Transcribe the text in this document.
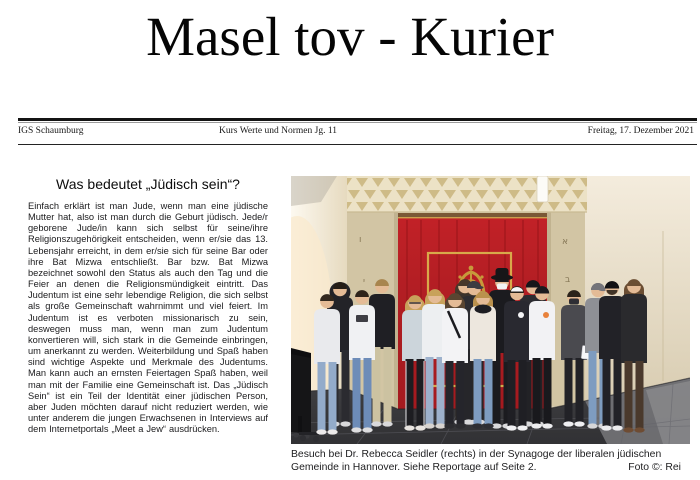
Masel tov - Kurier
IGS Schaumburg	Kurs Werte und Normen Jg. 11	Freitag, 17. Dezember 2021
Was bedeutet „Jüdisch sein“?
Einfach erklärt ist man Jude, wenn man eine jüdische Mutter hat, also ist man durch die Geburt jüdisch. Jede/r geborene Jude/in kann sich selbst für seine/ihre Religionszugehörigkeit entscheiden, wenn er/sie das 13. Lebensjahr erreicht, in dem er/sie sich für seine Bar oder ihre Bat Mizwa entschließt. Bar bzw. Bat Mizwa bezeichnet sowohl den Status als auch den Tag und die Feier an denen die Religionsmündigkeit eintritt. Das Judentum ist eine sehr lebendige Religion, die sich selbst als große Gemeinschaft wahrnimmt und viel feiert. Im Judentum ist es verboten missionarisch zu sein, deswegen muss man, wenn man zum Judentum konvertieren will, sich stark in die Gemeinde einbringen, um anerkannt zu werden. Weiterbildung und Spaß haben sind wichtige Aspekte und Merkmale des Judentums. Man kann auch an ernsten Feiertagen Spaß haben, weil man mit der Familie eine Gemeinschaft ist. Das „Jüdisch Sein“ ist ein Teil der Identität einer jüdischen Person, aber Juden möchten darauf nicht reduziert werden, wie unter anderem die jungen Erwachsenen in Interviews auf dem Internetportals „Meet a Jew“ ausdrücken.
ו
י
א
ב
Besuch bei Dr. Rebecca Seidler (rechts) in der Synagoge der liberalen jüdischen Gemeinde in Hannover. Siehe Reportage auf Seite 2.	Foto ©: Rei
